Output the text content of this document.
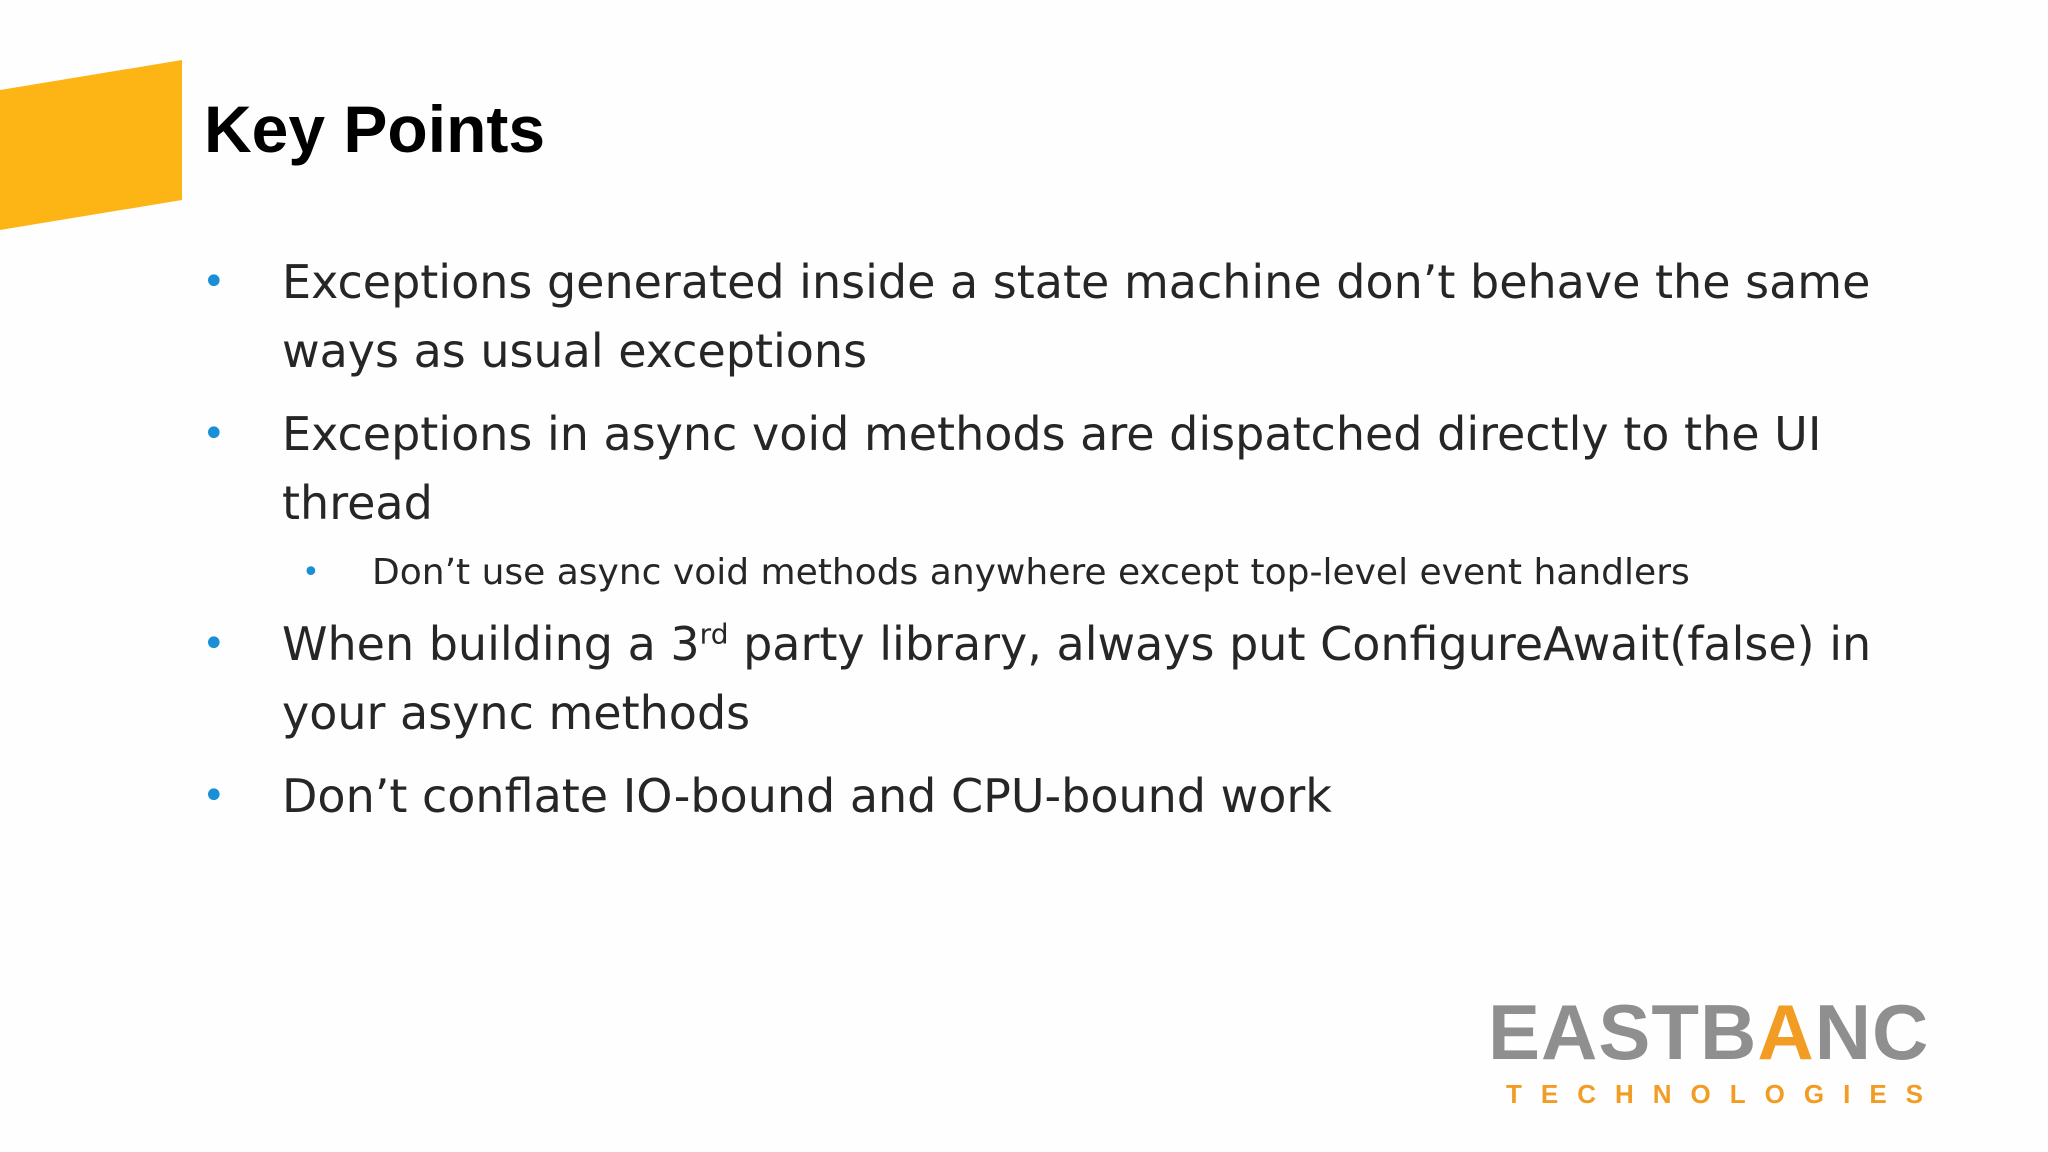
Key Points
• Exceptions generated inside a state machine don’t behave the same ways as usual exceptions
• Exceptions in async void methods are dispatched directly to the UI thread
• Don’t use async void methods anywhere except top-level event handlers
• When building a 3rd party library, always put ConfigureAwait(false) in your async methods
• Don’t conflate IO-bound and CPU-bound work
EASTBANC
TECHNOLOGIES
